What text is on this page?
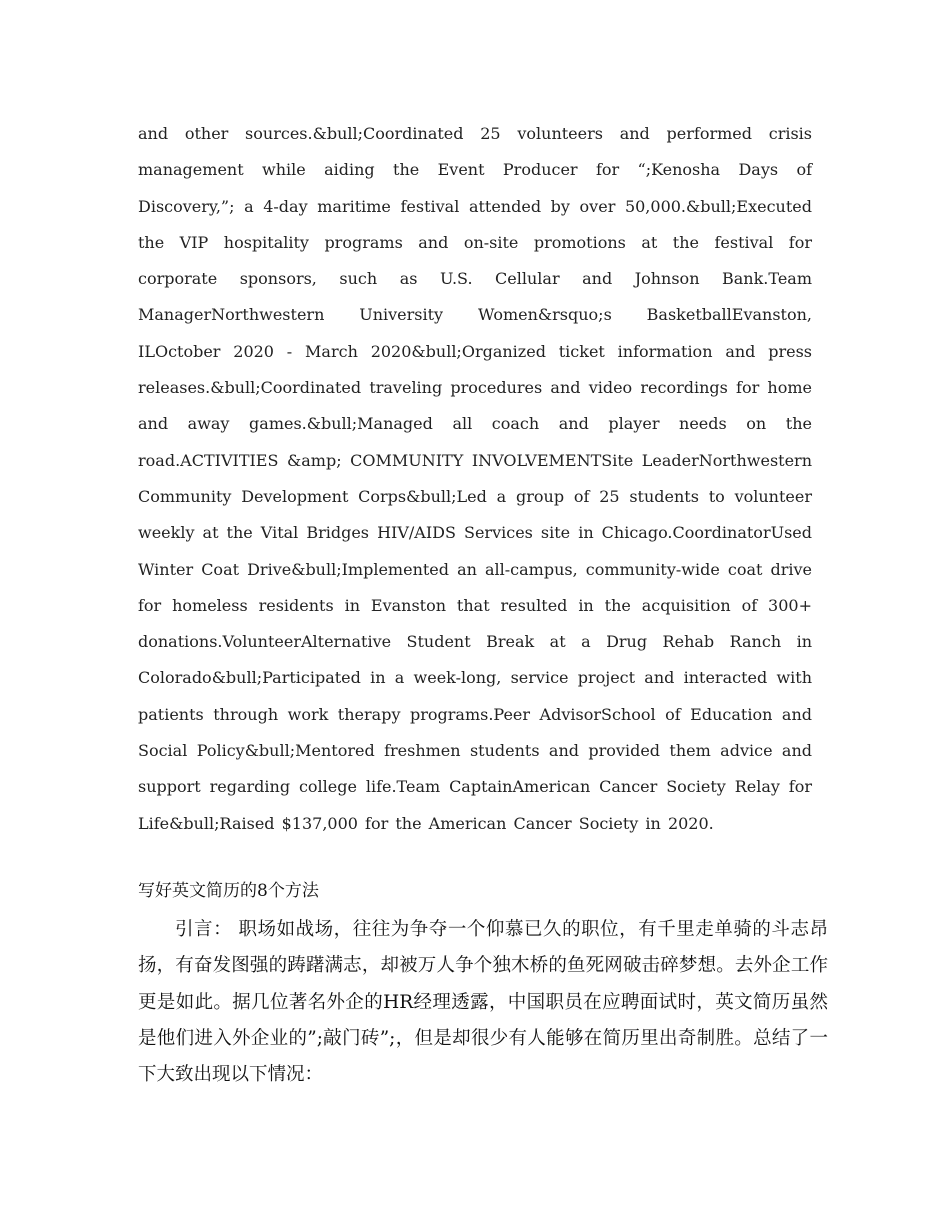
and other sources.&bull;Coordinated 25 volunteers and performed crisis management while aiding the Event Producer for “;Kenosha Days of Discovery,”; a 4-day maritime festival attended by over 50,000.&bull;Executed the VIP hospitality programs and on-site promotions at the festival for corporate sponsors, such as U.S. Cellular and Johnson Bank.Team ManagerNorthwestern University Women&rsquo;s BasketballEvanston, ILOctober 2020 - March 2020&bull;Organized ticket information and press releases.&bull;Coordinated traveling procedures and video recordings for home and away games.&bull;Managed all coach and player needs on the road.ACTIVITIES &amp; COMMUNITY INVOLVEMENTSite LeaderNorthwestern Community Development Corps&bull;Led a group of 25 students to volunteer weekly at the Vital Bridges HIV/AIDS Services site in Chicago.CoordinatorUsed Winter Coat Drive&bull;Implemented an all-campus, community-wide coat drive for homeless residents in Evanston that resulted in the acquisition of 300+ donations.VolunteerAlternative Student Break at a Drug Rehab Ranch in Colorado&bull;Participated in a week-long, service project and interacted with patients through work therapy programs.Peer AdvisorSchool of Education and Social Policy&bull;Mentored freshmen students and provided them advice and support regarding college life.Team CaptainAmerican Cancer Society Relay for Life&bull;Raised $137,000 for the American Cancer Society in 2020.

写好英文简历的8个方法

引言： 职场如战场，往往为争夺一个仰慕已久的职位，有千里走单骑的斗志昂扬，有奋发图强的踌躇满志，却被万人争个独木桥的鱼死网破击碎梦想。去外企工作更是如此。据几位著名外企的HR经理透露，中国职员在应聘面试时，英文简历虽然是他们进入外企业的”;敲门砖”;，但是却很少有人能够在简历里出奇制胜。总结了一下大致出现以下情况：
